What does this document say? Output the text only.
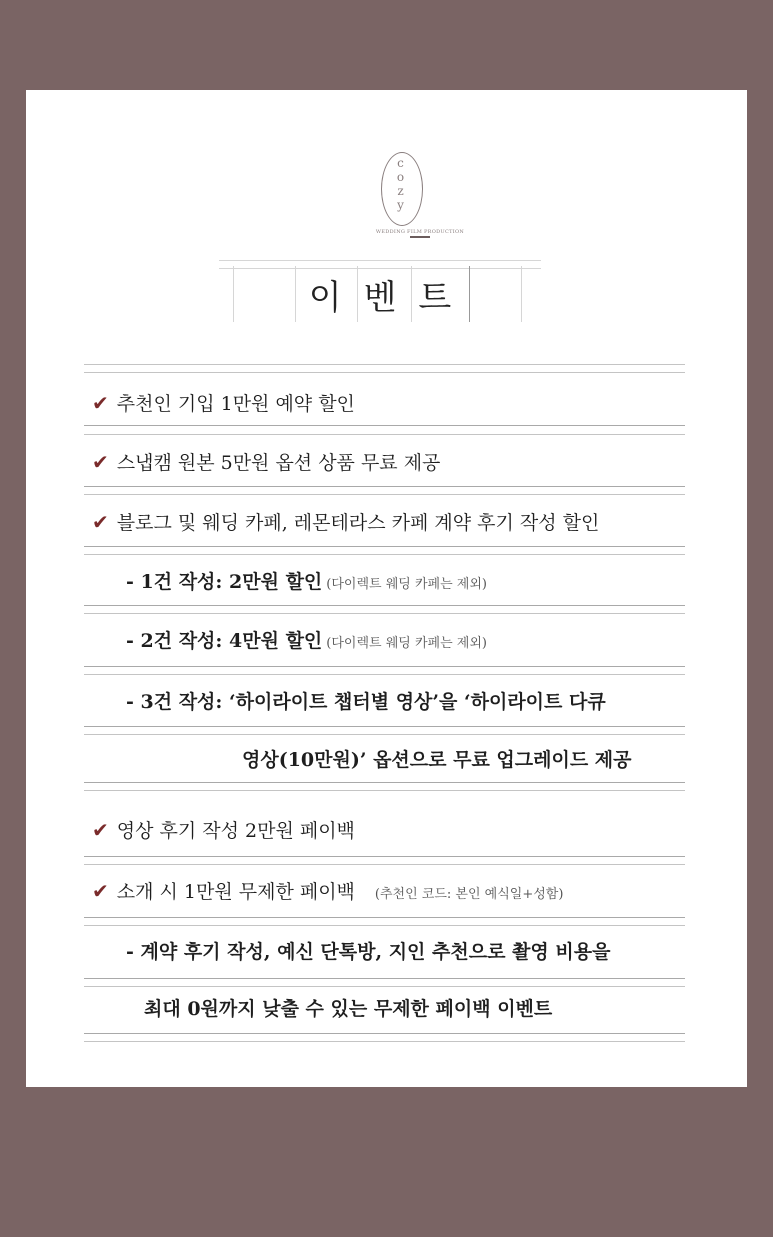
c
o
z
y
WEDDING FILM PRODUCTION
이벤트
✔ 추천인 기입 1만원 예약 할인
✔ 스냅캠 원본 5만원 옵션 상품 무료 제공
✔ 블로그 및 웨딩 카페, 레몬테라스 카페 계약 후기 작성 할인
- 1건 작성: 2만원 할인 (다이렉트 웨딩 카페는 제외)
- 2건 작성: 4만원 할인 (다이렉트 웨딩 카페는 제외)
- 3건 작성: ‘하이라이트 챕터별 영상’을 ‘하이라이트 다큐
영상(10만원)’ 옵션으로 무료 업그레이드 제공
✔ 영상 후기 작성 2만원 페이백
✔ 소개 시 1만원 무제한 페이백 (추천인 코드: 본인 예식일+성함)
- 계약 후기 작성, 예신 단톡방, 지인 추천으로 촬영 비용을
최대 0원까지 낮출 수 있는 무제한 페이백 이벤트
